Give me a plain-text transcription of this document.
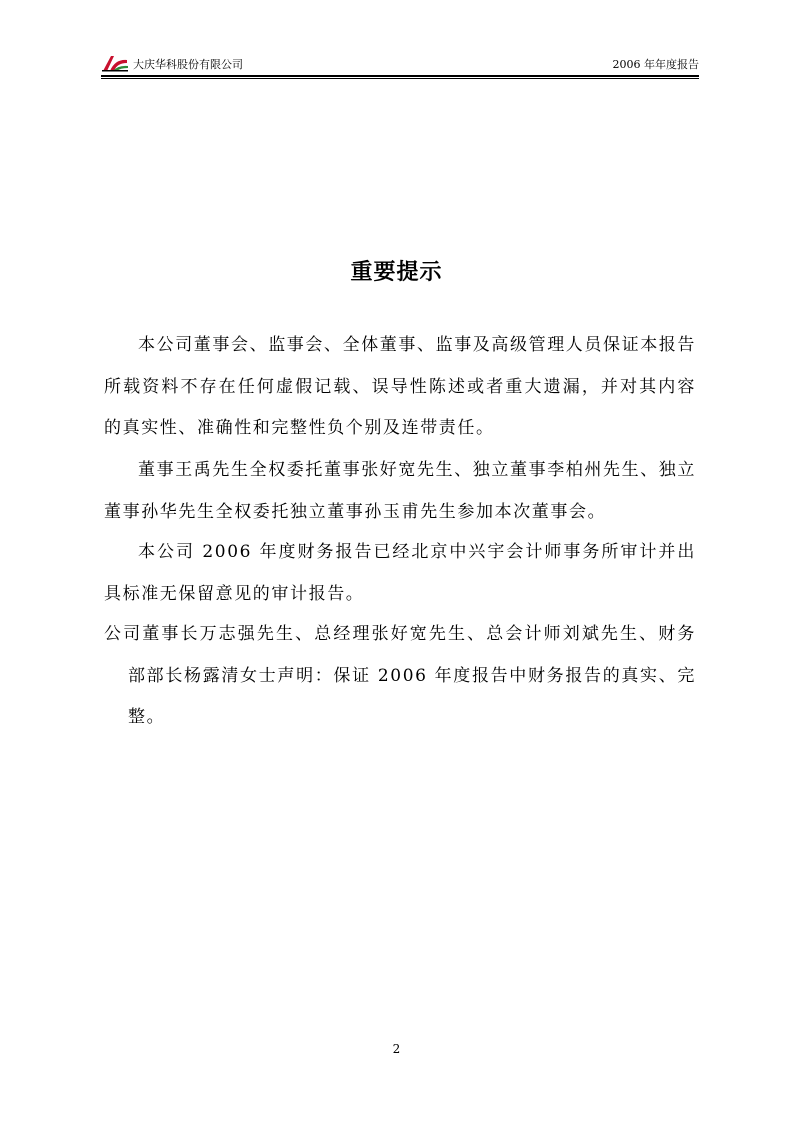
大庆华科股份有限公司	2006 年年度报告
重要提示

本公司董事会、监事会、全体董事、监事及高级管理人员保证本报告所载资料不存在任何虚假记载、误导性陈述或者重大遗漏，并对其内容的真实性、准确性和完整性负个别及连带责任。

董事王禹先生全权委托董事张好宽先生、独立董事李柏州先生、独立董事孙华先生全权委托独立董事孙玉甫先生参加本次董事会。

本公司 2006 年度财务报告已经北京中兴宇会计师事务所审计并出具标准无保留意见的审计报告。

公司董事长万志强先生、总经理张好宽先生、总会计师刘斌先生、财务部部长杨露清女士声明：保证 2006 年度报告中财务报告的真实、完整。

2
